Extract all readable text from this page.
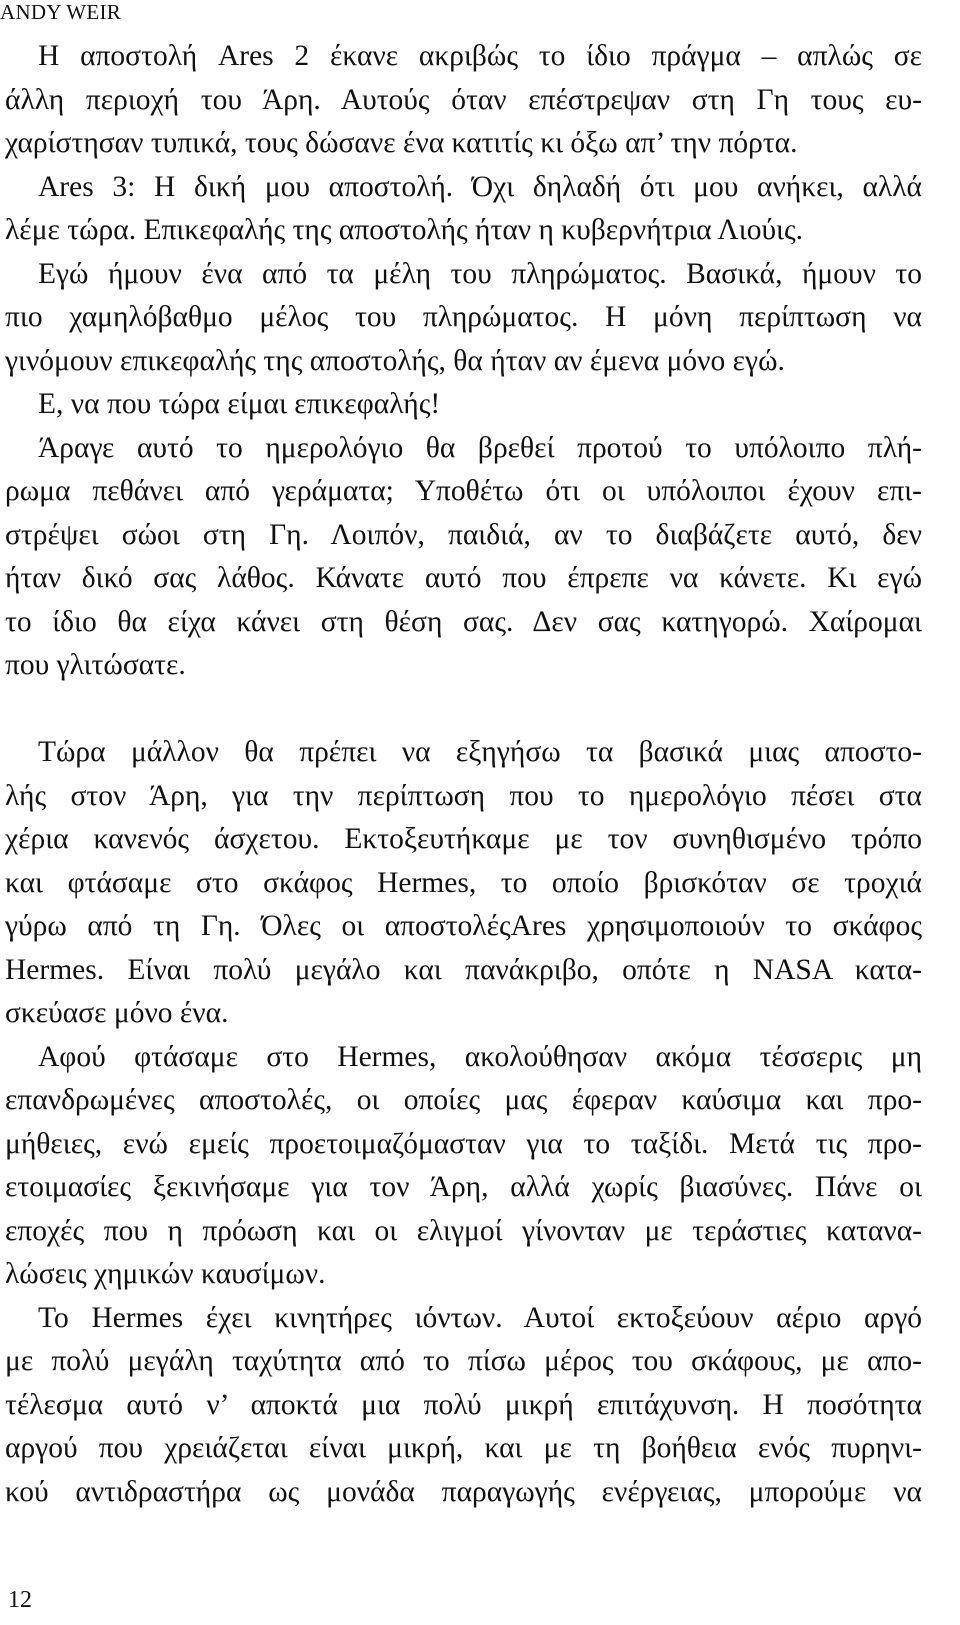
ANDY WEIR
Η αποστολή Ares 2 έκανε ακριβώς το ίδιο πράγμα – απλώς σε
άλλη περιοχή του Άρη. Αυτούς όταν επέστρεψαν στη Γη τους ευ-
χαρίστησαν τυπικά, τους δώσανε ένα κατιτίς κι όξω απ’ την πόρτα.
Ares 3: Η δική μου αποστολή. Όχι δηλαδή ότι μου ανήκει, αλλά
λέμε τώρα. Επικεφαλής της αποστολής ήταν η κυβερνήτρια Λιούις.
Εγώ ήμουν ένα από τα μέλη του πληρώματος. Βασικά, ήμουν το
πιο χαμηλόβαθμο μέλος του πληρώματος. Η μόνη περίπτωση να
γινόμουν επικεφαλής της αποστολής, θα ήταν αν έμενα μόνο εγώ.
Ε, να που τώρα είμαι επικεφαλής!
Άραγε αυτό το ημερολόγιο θα βρεθεί προτού το υπόλοιπο πλή-
ρωμα πεθάνει από γεράματα; Υποθέτω ότι οι υπόλοιποι έχουν επι-
στρέψει σώοι στη Γη. Λοιπόν, παιδιά, αν το διαβάζετε αυτό, δεν
ήταν δικό σας λάθος. Κάνατε αυτό που έπρεπε να κάνετε. Κι εγώ
το ίδιο θα είχα κάνει στη θέση σας. Δεν σας κατηγορώ. Χαίρομαι
που γλιτώσατε.
Τώρα μάλλον θα πρέπει να εξηγήσω τα βασικά μιας αποστο-
λής στον Άρη, για την περίπτωση που το ημερολόγιο πέσει στα
χέρια κανενός άσχετου. Εκτοξευτήκαμε με τον συνηθισμένο τρόπο
και φτάσαμε στο σκάφος Hermes, το οποίο βρισκόταν σε τροχιά
γύρω από τη Γη. Όλες οι αποστολέςAres χρησιμοποιούν το σκάφος
Hermes. Είναι πολύ μεγάλο και πανάκριβο, οπότε η NASA κατα-
σκεύασε μόνο ένα.
Αφού φτάσαμε στο Hermes, ακολούθησαν ακόμα τέσσερις μη
επανδρωμένες αποστολές, οι οποίες μας έφεραν καύσιμα και προ-
μήθειες, ενώ εμείς προετοιμαζόμασταν για το ταξίδι. Μετά τις προ-
ετοιμασίες ξεκινήσαμε για τον Άρη, αλλά χωρίς βιασύνες. Πάνε οι
εποχές που η πρόωση και οι ελιγμοί γίνονταν με τεράστιες κατανα-
λώσεις χημικών καυσίμων.
Το Hermes έχει κινητήρες ιόντων. Αυτοί εκτοξεύουν αέριο αργό
με πολύ μεγάλη ταχύτητα από το πίσω μέρος του σκάφους, με απο-
τέλεσμα αυτό ν’ αποκτά μια πολύ μικρή επιτάχυνση. Η ποσότητα
αργού που χρειάζεται είναι μικρή, και με τη βοήθεια ενός πυρηνι-
κού αντιδραστήρα ως μονάδα παραγωγής ενέργειας, μπορούμε να
12
